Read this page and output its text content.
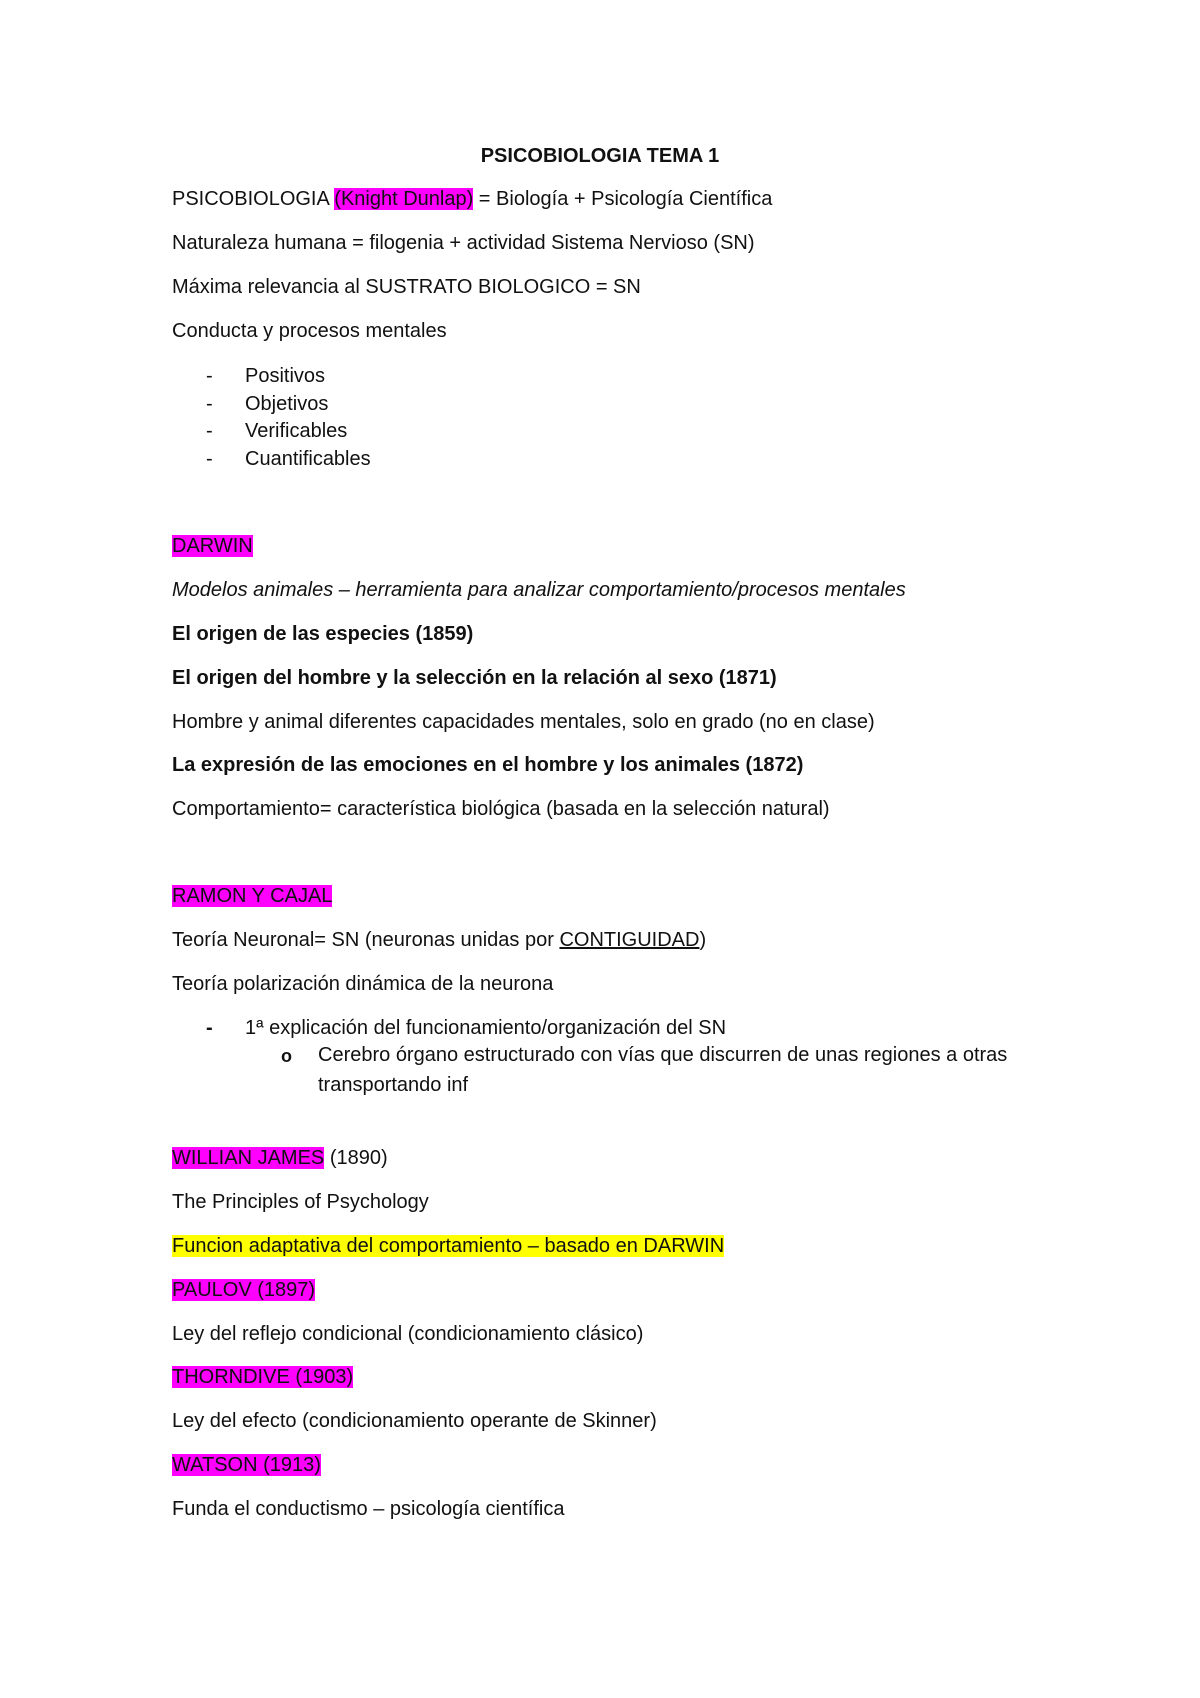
PSICOBIOLOGIA TEMA 1

PSICOBIOLOGIA (Knight Dunlap) = Biología + Psicología Científica

Naturaleza humana = filogenia + actividad Sistema Nervioso (SN)

Máxima relevancia al SUSTRATO BIOLOGICO = SN

Conducta y procesos mentales

- Positivos
- Objetivos
- Verificables
- Cuantificables

DARWIN

Modelos animales – herramienta para analizar comportamiento/procesos mentales

El origen de las especies (1859)

El origen del hombre y la selección en la relación al sexo (1871)

Hombre y animal diferentes capacidades mentales, solo en grado (no en clase)

La expresión de las emociones en el hombre y los animales (1872)

Comportamiento= característica biológica (basada en la selección natural)

RAMON Y CAJAL

Teoría Neuronal= SN (neuronas unidas por CONTIGUIDAD)

Teoría polarización dinámica de la neurona

- 1ª explicación del funcionamiento/organización del SN
o Cerebro órgano estructurado con vías que discurren de unas regiones a otras transportando inf

WILLIAN JAMES (1890)

The Principles of Psychology

Funcion adaptativa del comportamiento – basado en DARWIN

PAULOV (1897)

Ley del reflejo condicional (condicionamiento clásico)

THORNDIVE (1903)

Ley del efecto (condicionamiento operante de Skinner)

WATSON (1913)

Funda el conductismo – psicología científica
